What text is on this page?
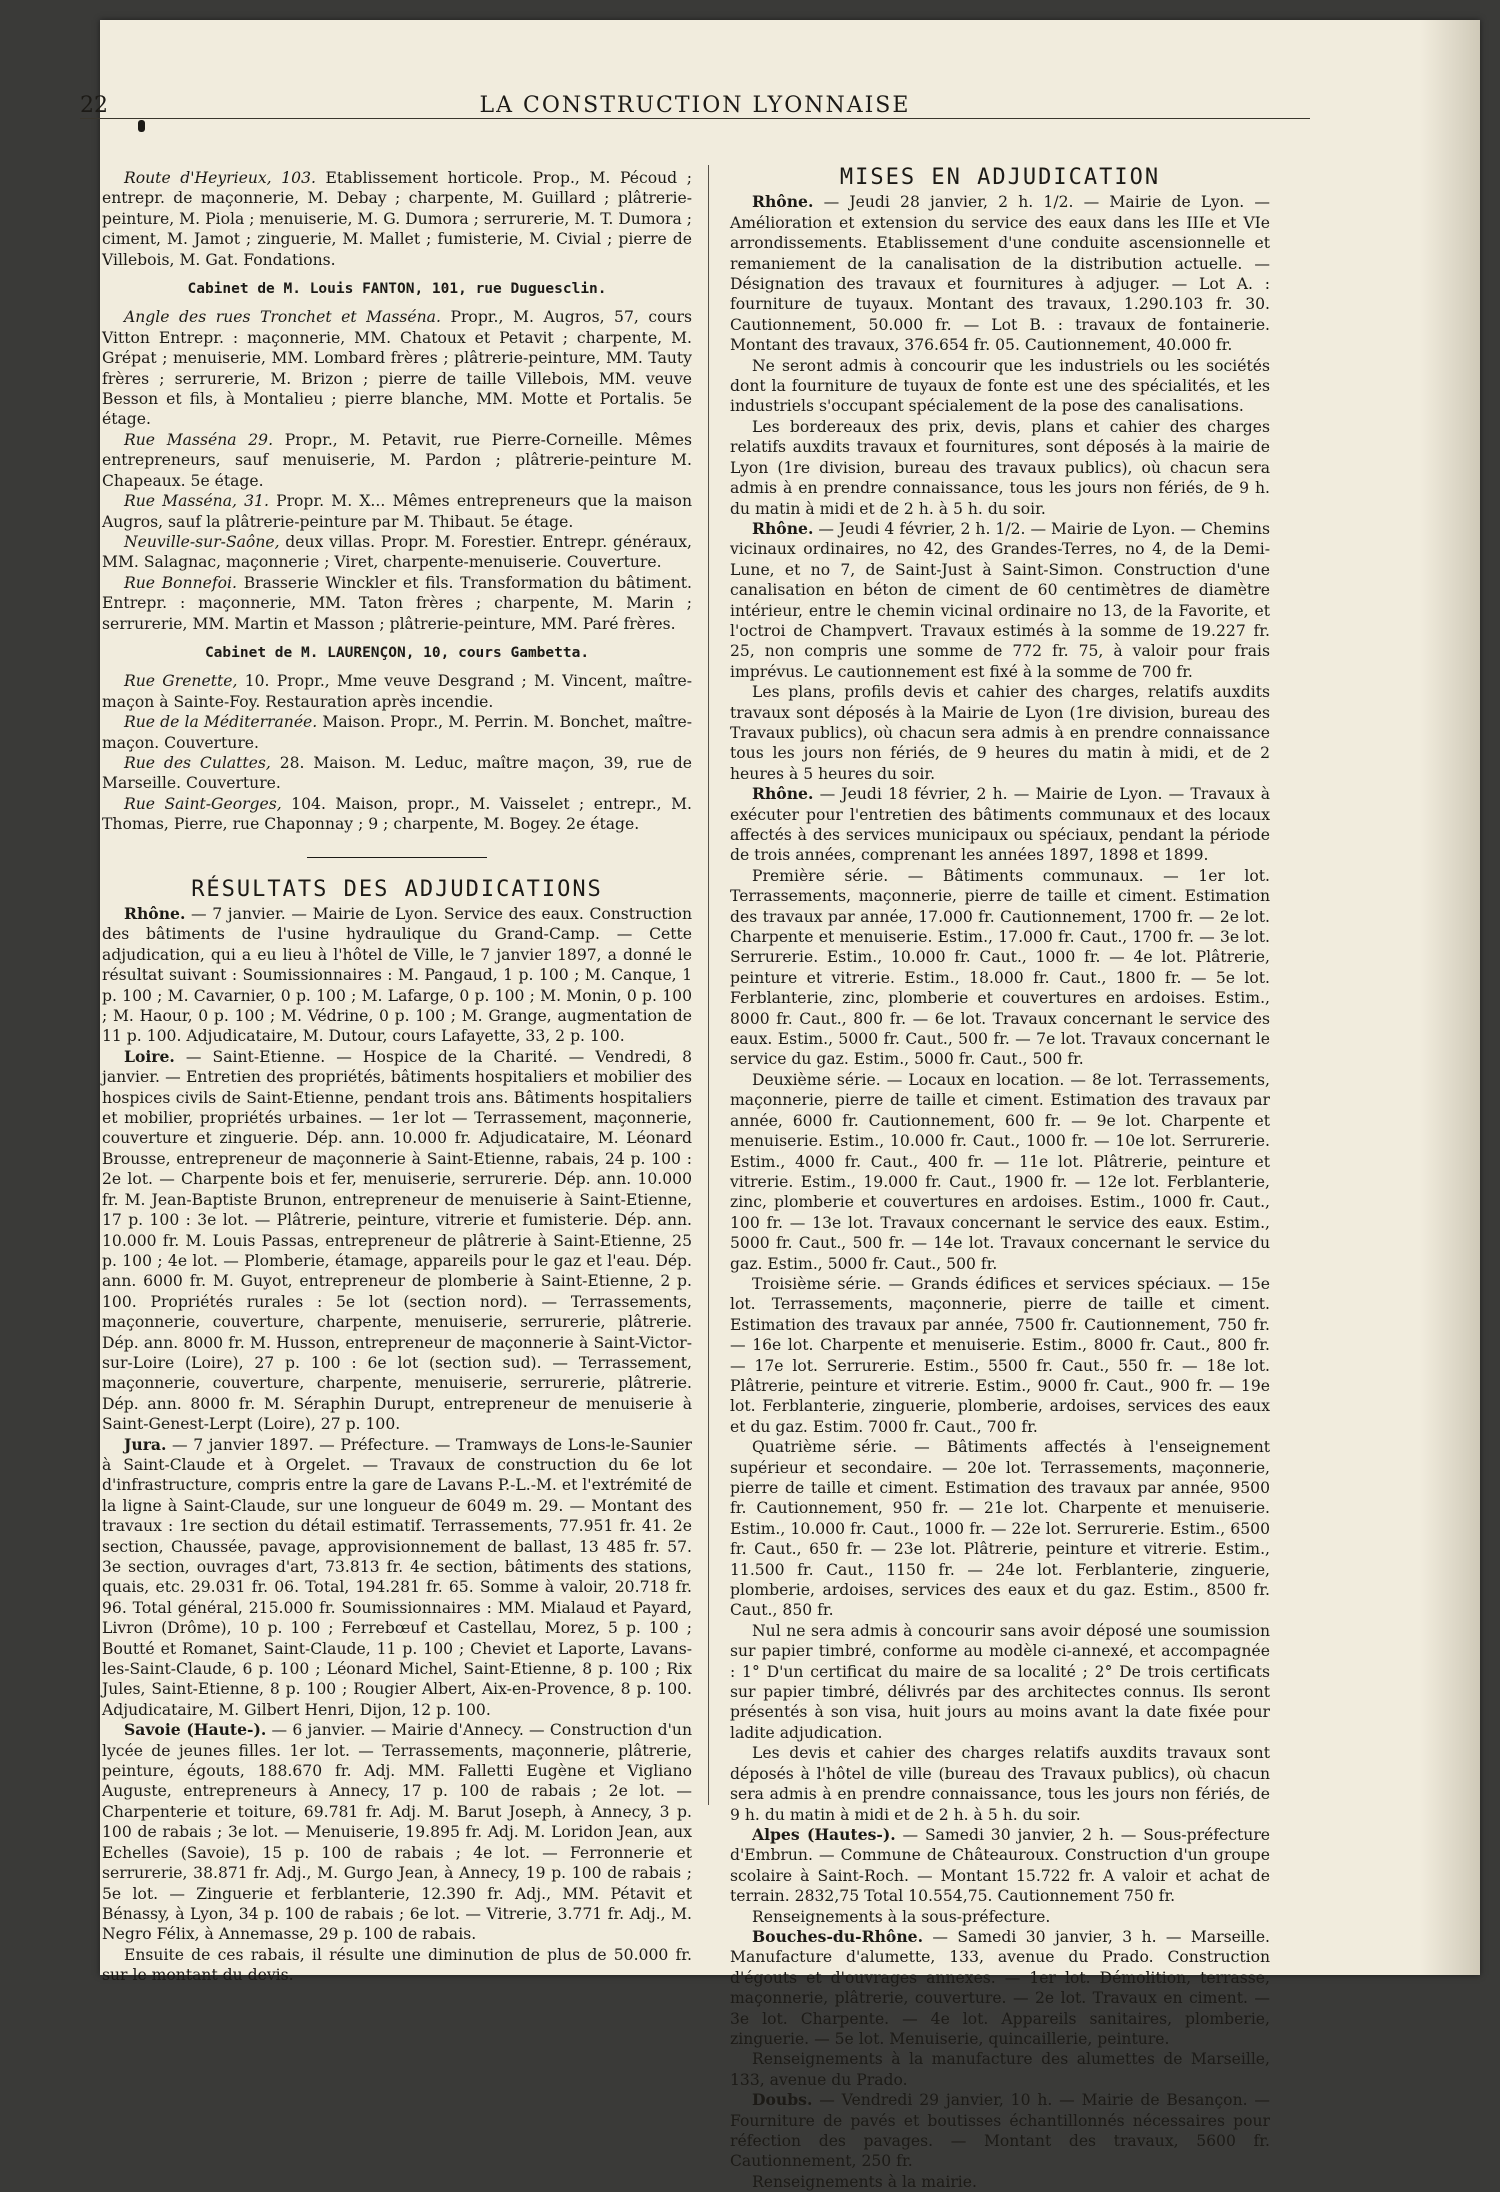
22	LA CONSTRUCTION LYONNAISE

Route d'Heyrieux, 103. Etablissement horticole. Prop., M. Pécoud ; entrepr. de maçonnerie, M. Debay ; charpente, M. Guillard ; plâtrerie-peinture, M. Piola ; menuiserie, M. G. Dumora ; serrurerie, M. T. Dumora ; ciment, M. Jamot ; zinguerie, M. Mallet ; fumisterie, M. Civial ; pierre de Villebois, M. Gat. Fondations.

Cabinet de M. Louis FANTON, 101, rue Duguesclin.

Angle des rues Tronchet et Masséna. Propr., M. Augros, 57, cours Vitton Entrepr. : maçonnerie, MM. Chatoux et Petavit ; charpente, M. Grépat ; menuiserie, MM. Lombard frères ; plâtrerie-peinture, MM. Tauty frères ; serrurerie, M. Brizon ; pierre de taille Villebois, MM. veuve Besson et fils, à Montalieu ; pierre blanche, MM. Motte et Portalis. 5e étage.

Rue Masséna 29. Propr., M. Petavit, rue Pierre-Corneille. Mêmes entrepreneurs, sauf menuiserie, M. Pardon ; plâtrerie-peinture M. Chapeaux. 5e étage.

Rue Masséna, 31. Propr. M. X... Mêmes entrepreneurs que la maison Augros, sauf la plâtrerie-peinture par M. Thibaut. 5e étage.

Neuville-sur-Saône, deux villas. Propr. M. Forestier. Entrepr. généraux, MM. Salagnac, maçonnerie ; Viret, charpente-menuiserie. Couverture.

Rue Bonnefoi. Brasserie Winckler et fils. Transformation du bâtiment. Entrepr. : maçonnerie, MM. Taton frères ; charpente, M. Marin ; serrurerie, MM. Martin et Masson ; plâtrerie-peinture, MM. Paré frères.

Cabinet de M. LAURENÇON, 10, cours Gambetta.

Rue Grenette, 10. Propr., Mme veuve Desgrand ; M. Vincent, maître-maçon à Sainte-Foy. Restauration après incendie.

Rue de la Méditerranée. Maison. Propr., M. Perrin. M. Bonchet, maître-maçon. Couverture.

Rue des Culattes, 28. Maison. M. Leduc, maître maçon, 39, rue de Marseille. Couverture.

Rue Saint-Georges, 104. Maison, propr., M. Vaisselet ; entrepr., M. Thomas, Pierre, rue Chaponnay ; 9 ; charpente, M. Bogey. 2e étage.

RÉSULTATS DES ADJUDICATIONS

Rhône. — 7 janvier. — Mairie de Lyon. Service des eaux. Construction des bâtiments de l'usine hydraulique du Grand-Camp. — Cette adjudication, qui a eu lieu à l'hôtel de Ville, le 7 janvier 1897, a donné le résultat suivant : Soumissionnaires : M. Pangaud, 1 p. 100 ; M. Canque, 1 p. 100 ; M. Cavarnier, 0 p. 100 ; M. Lafarge, 0 p. 100 ; M. Monin, 0 p. 100 ; M. Haour, 0 p. 100 ; M. Védrine, 0 p. 100 ; M. Grange, augmentation de 11 p. 100. Adjudicataire, M. Dutour, cours Lafayette, 33, 2 p. 100.

Loire. — Saint-Etienne. — Hospice de la Charité. — Vendredi, 8 janvier. — Entretien des propriétés, bâtiments hospitaliers et mobilier des hospices civils de Saint-Etienne, pendant trois ans. Bâtiments hospitaliers et mobilier, propriétés urbaines. — 1er lot — Terrassement, maçonnerie, couverture et zinguerie. Dép. ann. 10.000 fr. Adjudicataire, M. Léonard Brousse, entrepreneur de maçonnerie à Saint-Etienne, rabais, 24 p. 100 : 2e lot. — Charpente bois et fer, menuiserie, serrurerie. Dép. ann. 10.000 fr. M. Jean-Baptiste Brunon, entrepreneur de menuiserie à Saint-Etienne, 17 p. 100 : 3e lot. — Plâtrerie, peinture, vitrerie et fumisterie. Dép. ann. 10.000 fr. M. Louis Passas, entrepreneur de plâtrerie à Saint-Etienne, 25 p. 100 ; 4e lot. — Plomberie, étamage, appareils pour le gaz et l'eau. Dép. ann. 6000 fr. M. Guyot, entrepreneur de plomberie à Saint-Etienne, 2 p. 100. Propriétés rurales : 5e lot (section nord). — Terrassements, maçonnerie, couverture, charpente, menuiserie, serrurerie, plâtrerie. Dép. ann. 8000 fr. M. Husson, entrepreneur de maçonnerie à Saint-Victor-sur-Loire (Loire), 27 p. 100 : 6e lot (section sud). — Terrassement, maçonnerie, couverture, charpente, menuiserie, serrurerie, plâtrerie. Dép. ann. 8000 fr. M. Séraphin Durupt, entrepreneur de menuiserie à Saint-Genest-Lerpt (Loire), 27 p. 100.

Jura. — 7 janvier 1897. — Préfecture. — Tramways de Lons-le-Saunier à Saint-Claude et à Orgelet. — Travaux de construction du 6e lot d'infrastructure, compris entre la gare de Lavans P.-L.-M. et l'extrémité de la ligne à Saint-Claude, sur une longueur de 6049 m. 29. — Montant des travaux : 1re section du détail estimatif. Terrassements, 77.951 fr. 41. 2e section, Chaussée, pavage, approvisionnement de ballast, 13 485 fr. 57. 3e section, ouvrages d'art, 73.813 fr. 4e section, bâtiments des stations, quais, etc. 29.031 fr. 06. Total, 194.281 fr. 65. Somme à valoir, 20.718 fr. 96. Total général, 215.000 fr. Soumissionnaires : MM. Mialaud et Payard, Livron (Drôme), 10 p. 100 ; Ferrebœuf et Castellau, Morez, 5 p. 100 ; Boutté et Romanet, Saint-Claude, 11 p. 100 ; Cheviet et Laporte, Lavans-les-Saint-Claude, 6 p. 100 ; Léonard Michel, Saint-Etienne, 8 p. 100 ; Rix Jules, Saint-Etienne, 8 p. 100 ; Rougier Albert, Aix-en-Provence, 8 p. 100. Adjudicataire, M. Gilbert Henri, Dijon, 12 p. 100.

Savoie (Haute-). — 6 janvier. — Mairie d'Annecy. — Construction d'un lycée de jeunes filles. 1er lot. — Terrassements, maçonnerie, plâtrerie, peinture, égouts, 188.670 fr. Adj. MM. Falletti Eugène et Vigliano Auguste, entrepreneurs à Annecy, 17 p. 100 de rabais ; 2e lot. — Charpenterie et toiture, 69.781 fr. Adj. M. Barut Joseph, à Annecy, 3 p. 100 de rabais ; 3e lot. — Menuiserie, 19.895 fr. Adj. M. Loridon Jean, aux Echelles (Savoie), 15 p. 100 de rabais ; 4e lot. — Ferronnerie et serrurerie, 38.871 fr. Adj., M. Gurgo Jean, à Annecy, 19 p. 100 de rabais ; 5e lot. — Zinguerie et ferblanterie, 12.390 fr. Adj., MM. Pétavit et Bénassy, à Lyon, 34 p. 100 de rabais ; 6e lot. — Vitrerie, 3.771 fr. Adj., M. Negro Félix, à Annemasse, 29 p. 100 de rabais.

Ensuite de ces rabais, il résulte une diminution de plus de 50.000 fr. sur le montant du devis.

MISES EN ADJUDICATION

Rhône. — Jeudi 28 janvier, 2 h. 1/2. — Mairie de Lyon. — Amélioration et extension du service des eaux dans les IIIe et VIe arrondissements. Etablissement d'une conduite ascensionnelle et remaniement de la canalisation de la distribution actuelle. — Désignation des travaux et fournitures à adjuger. — Lot A. : fourniture de tuyaux. Montant des travaux, 1.290.103 fr. 30. Cautionnement, 50.000 fr. — Lot B. : travaux de fontainerie. Montant des travaux, 376.654 fr. 05. Cautionnement, 40.000 fr.

Ne seront admis à concourir que les industriels ou les sociétés dont la fourniture de tuyaux de fonte est une des spécialités, et les industriels s'occupant spécialement de la pose des canalisations.

Les bordereaux des prix, devis, plans et cahier des charges relatifs auxdits travaux et fournitures, sont déposés à la mairie de Lyon (1re division, bureau des travaux publics), où chacun sera admis à en prendre connaissance, tous les jours non fériés, de 9 h. du matin à midi et de 2 h. à 5 h. du soir.

Rhône. — Jeudi 4 février, 2 h. 1/2. — Mairie de Lyon. — Chemins vicinaux ordinaires, no 42, des Grandes-Terres, no 4, de la Demi-Lune, et no 7, de Saint-Just à Saint-Simon. Construction d'une canalisation en béton de ciment de 60 centimètres de diamètre intérieur, entre le chemin vicinal ordinaire no 13, de la Favorite, et l'octroi de Champvert. Travaux estimés à la somme de 19.227 fr. 25, non compris une somme de 772 fr. 75, à valoir pour frais imprévus. Le cautionnement est fixé à la somme de 700 fr.

Les plans, profils devis et cahier des charges, relatifs auxdits travaux sont déposés à la Mairie de Lyon (1re division, bureau des Travaux publics), où chacun sera admis à en prendre connaissance tous les jours non fériés, de 9 heures du matin à midi, et de 2 heures à 5 heures du soir.

Rhône. — Jeudi 18 février, 2 h. — Mairie de Lyon. — Travaux à exécuter pour l'entretien des bâtiments communaux et des locaux affectés à des services municipaux ou spéciaux, pendant la période de trois années, comprenant les années 1897, 1898 et 1899.

Première série. — Bâtiments communaux. — 1er lot. Terrassements, maçonnerie, pierre de taille et ciment. Estimation des travaux par année, 17.000 fr. Cautionnement, 1700 fr. — 2e lot. Charpente et menuiserie. Estim., 17.000 fr. Caut., 1700 fr. — 3e lot. Serrurerie. Estim., 10.000 fr. Caut., 1000 fr. — 4e lot. Plâtrerie, peinture et vitrerie. Estim., 18.000 fr. Caut., 1800 fr. — 5e lot. Ferblanterie, zinc, plomberie et couvertures en ardoises. Estim., 8000 fr. Caut., 800 fr. — 6e lot. Travaux concernant le service des eaux. Estim., 5000 fr. Caut., 500 fr. — 7e lot. Travaux concernant le service du gaz. Estim., 5000 fr. Caut., 500 fr.

Deuxième série. — Locaux en location. — 8e lot. Terrassements, maçonnerie, pierre de taille et ciment. Estimation des travaux par année, 6000 fr. Cautionnement, 600 fr. — 9e lot. Charpente et menuiserie. Estim., 10.000 fr. Caut., 1000 fr. — 10e lot. Serrurerie. Estim., 4000 fr. Caut., 400 fr. — 11e lot. Plâtrerie, peinture et vitrerie. Estim., 19.000 fr. Caut., 1900 fr. — 12e lot. Ferblanterie, zinc, plomberie et couvertures en ardoises. Estim., 1000 fr. Caut., 100 fr. — 13e lot. Travaux concernant le service des eaux. Estim., 5000 fr. Caut., 500 fr. — 14e lot. Travaux concernant le service du gaz. Estim., 5000 fr. Caut., 500 fr.

Troisième série. — Grands édifices et services spéciaux. — 15e lot. Terrassements, maçonnerie, pierre de taille et ciment. Estimation des travaux par année, 7500 fr. Cautionnement, 750 fr. — 16e lot. Charpente et menuiserie. Estim., 8000 fr. Caut., 800 fr. — 17e lot. Serrurerie. Estim., 5500 fr. Caut., 550 fr. — 18e lot. Plâtrerie, peinture et vitrerie. Estim., 9000 fr. Caut., 900 fr. — 19e lot. Ferblanterie, zinguerie, plomberie, ardoises, services des eaux et du gaz. Estim. 7000 fr. Caut., 700 fr.

Quatrième série. — Bâtiments affectés à l'enseignement supérieur et secondaire. — 20e lot. Terrassements, maçonnerie, pierre de taille et ciment. Estimation des travaux par année, 9500 fr. Cautionnement, 950 fr. — 21e lot. Charpente et menuiserie. Estim., 10.000 fr. Caut., 1000 fr. — 22e lot. Serrurerie. Estim., 6500 fr. Caut., 650 fr. — 23e lot. Plâtrerie, peinture et vitrerie. Estim., 11.500 fr. Caut., 1150 fr. — 24e lot. Ferblanterie, zinguerie, plomberie, ardoises, services des eaux et du gaz. Estim., 8500 fr. Caut., 850 fr.

Nul ne sera admis à concourir sans avoir déposé une soumission sur papier timbré, conforme au modèle ci-annexé, et accompagnée : 1° D'un certificat du maire de sa localité ; 2° De trois certificats sur papier timbré, délivrés par des architectes connus. Ils seront présentés à son visa, huit jours au moins avant la date fixée pour ladite adjudication.

Les devis et cahier des charges relatifs auxdits travaux sont déposés à l'hôtel de ville (bureau des Travaux publics), où chacun sera admis à en prendre connaissance, tous les jours non fériés, de 9 h. du matin à midi et de 2 h. à 5 h. du soir.

Alpes (Hautes-). — Samedi 30 janvier, 2 h. — Sous-préfecture d'Embrun. — Commune de Châteauroux. Construction d'un groupe scolaire à Saint-Roch. — Montant 15.722 fr. A valoir et achat de terrain. 2832,75 Total 10.554,75. Cautionnement 750 fr.

Renseignements à la sous-préfecture.

Bouches-du-Rhône. — Samedi 30 janvier, 3 h. — Marseille. Manufacture d'alumette, 133, avenue du Prado. Construction d'égouts et d'ouvrages annexes. — 1er lot. Démolition, terrasse, maçonnerie, plâtrerie, couverture. — 2e lot. Travaux en ciment. — 3e lot. Charpente. — 4e lot. Appareils sanitaires, plomberie, zinguerie. — 5e lot. Menuiserie, quincaillerie, peinture.

Renseignements à la manufacture des alumettes de Marseille, 133, avenue du Prado.

Doubs. — Vendredi 29 janvier, 10 h. — Mairie de Besançon. — Fourniture de pavés et boutisses échantillonnés nécessaires pour réfection des pavages. — Montant des travaux, 5600 fr. Cautionnement, 250 fr.

Renseignements à la mairie.
